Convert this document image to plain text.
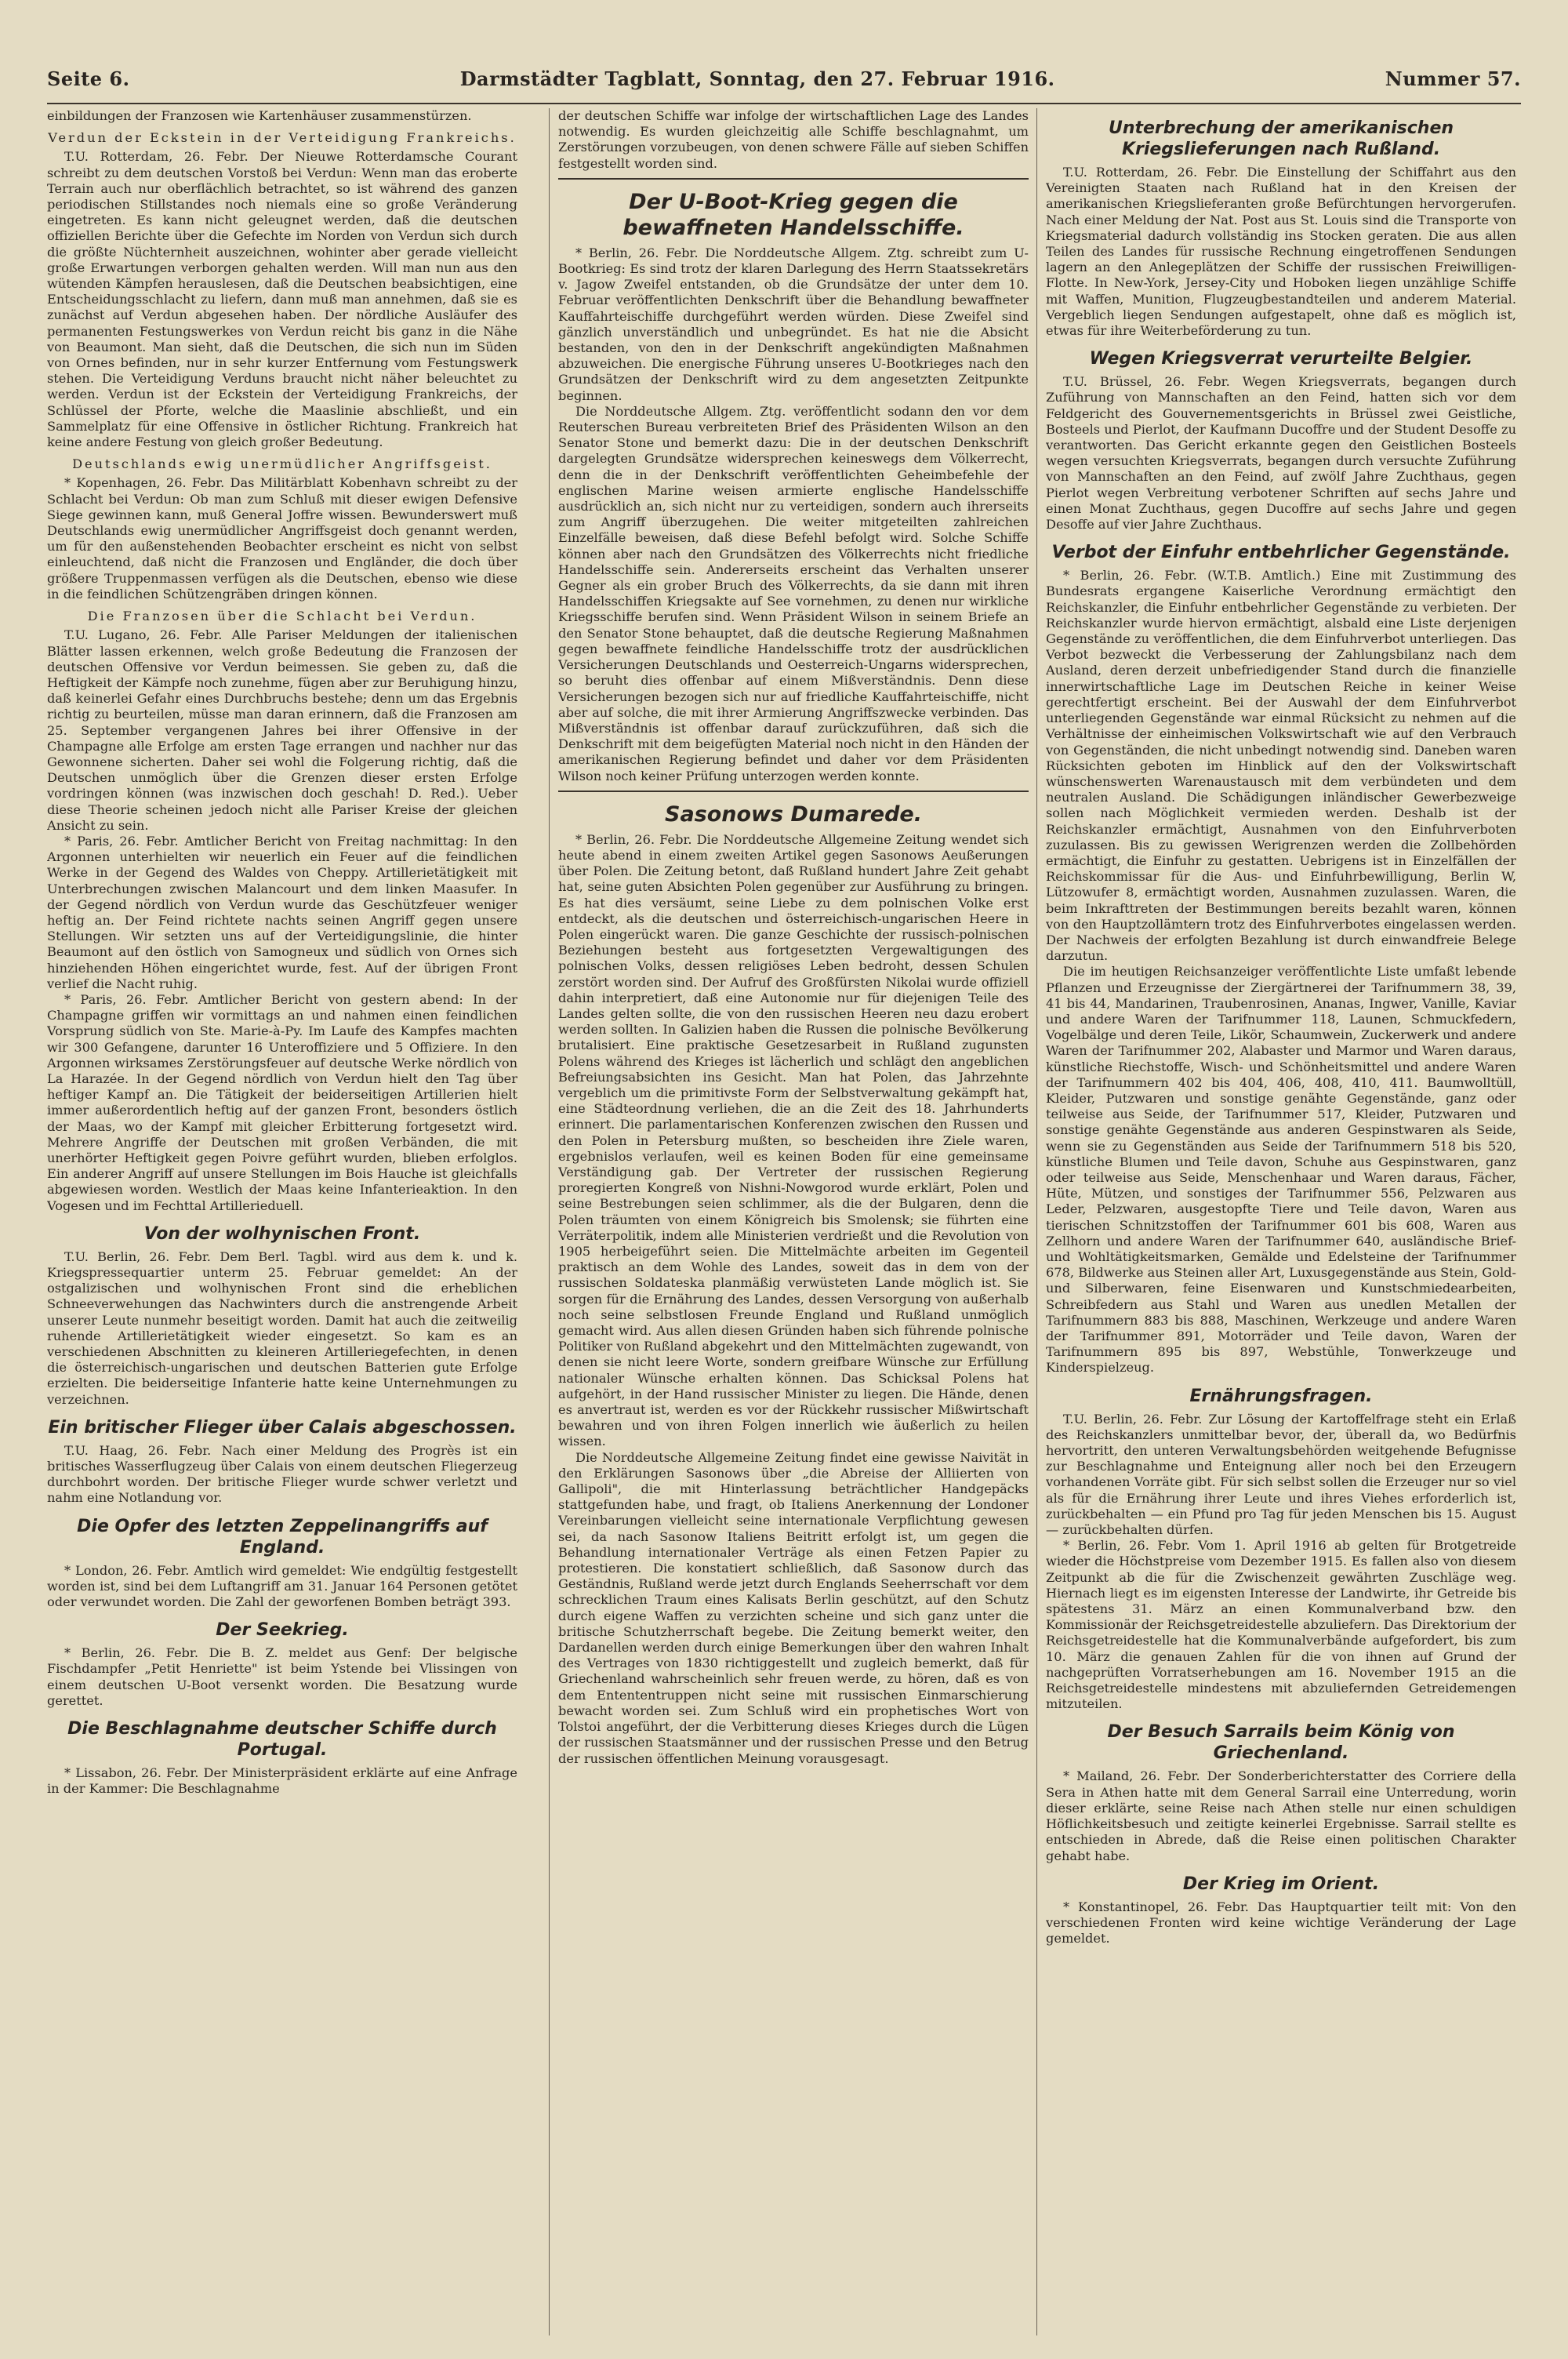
Seite 6.	Darmstädter Tagblatt, Sonntag, den 27. Februar 1916.	Nummer 57.

einbildungen der Franzosen wie Kartenhäuser zusammenstürzen.

Verdun der Eckstein in der Verteidigung Frankreichs.

T.U. Rotterdam, 26. Febr. Der Nieuwe Rotterdamsche Courant schreibt zu dem deutschen Vorstoß bei Verdun: Wenn man das eroberte Terrain auch nur oberflächlich betrachtet, so ist während des ganzen periodischen Stillstandes noch niemals eine so große Veränderung eingetreten. Es kann nicht geleugnet werden, daß die deutschen offiziellen Berichte über die Gefechte im Norden von Verdun sich durch die größte Nüchternheit auszeichnen, wohinter aber gerade vielleicht große Erwartungen verborgen gehalten werden. Will man nun aus den wütenden Kämpfen herauslesen, daß die Deutschen beabsichtigen, eine Entscheidungsschlacht zu liefern, dann muß man annehmen, daß sie es zunächst auf Verdun abgesehen haben. Der nördliche Ausläufer des permanenten Festungswerkes von Verdun reicht bis ganz in die Nähe von Beaumont. Man sieht, daß die Deutschen, die sich nun im Süden von Ornes befinden, nur in sehr kurzer Entfernung vom Festungswerk stehen. Die Verteidigung Verduns braucht nicht näher beleuchtet zu werden. Verdun ist der Eckstein der Verteidigung Frankreichs, der Schlüssel der Pforte, welche die Maaslinie abschließt, und ein Sammelplatz für eine Offensive in östlicher Richtung. Frankreich hat keine andere Festung von gleich großer Bedeutung.

Deutschlands ewig unermüdlicher Angriffsgeist.

* Kopenhagen, 26. Febr. Das Militärblatt Kobenhavn schreibt zu der Schlacht bei Verdun: Ob man zum Schluß mit dieser ewigen Defensive Siege gewinnen kann, muß General Joffre wissen. Bewunderswert muß Deutschlands ewig unermüdlicher Angriffsgeist doch genannt werden, um für den außenstehenden Beobachter erscheint es nicht von selbst einleuchtend, daß nicht die Franzosen und Engländer, die doch über größere Truppenmassen verfügen als die Deutschen, ebenso wie diese in die feindlichen Schützengräben dringen können.

Die Franzosen über die Schlacht bei Verdun.

T.U. Lugano, 26. Febr. Alle Pariser Meldungen der italienischen Blätter lassen erkennen, welch große Bedeutung die Franzosen der deutschen Offensive vor Verdun beimessen. Sie geben zu, daß die Heftigkeit der Kämpfe noch zunehme, fügen aber zur Beruhigung hinzu, daß keinerlei Gefahr eines Durchbruchs bestehe; denn um das Ergebnis richtig zu beurteilen, müsse man daran erinnern, daß die Franzosen am 25. September vergangenen Jahres bei ihrer Offensive in der Champagne alle Erfolge am ersten Tage errangen und nachher nur das Gewonnene sicherten. Daher sei wohl die Folgerung richtig, daß die Deutschen unmöglich über die Grenzen dieser ersten Erfolge vordringen können (was inzwischen doch geschah! D. Red.). Ueber diese Theorie scheinen jedoch nicht alle Pariser Kreise der gleichen Ansicht zu sein.

* Paris, 26. Febr. Amtlicher Bericht von Freitag nachmittag: In den Argonnen unterhielten wir neuerlich ein Feuer auf die feindlichen Werke in der Gegend des Waldes von Cheppy. Artillerietätigkeit mit Unterbrechungen zwischen Malancourt und dem linken Maasufer. In der Gegend nördlich von Verdun wurde das Geschützfeuer weniger heftig an. Der Feind richtete nachts seinen Angriff gegen unsere Stellungen. Wir setzten uns auf der Verteidigungslinie, die hinter Beaumont auf den östlich von Samogneux und südlich von Ornes sich hinziehenden Höhen eingerichtet wurde, fest. Auf der übrigen Front verlief die Nacht ruhig.

* Paris, 26. Febr. Amtlicher Bericht von gestern abend: In der Champagne griffen wir vormittags an und nahmen einen feindlichen Vorsprung südlich von Ste. Marie-à-Py. Im Laufe des Kampfes machten wir 300 Gefangene, darunter 16 Unteroffiziere und 5 Offiziere. In den Argonnen wirksames Zerstörungsfeuer auf deutsche Werke nördlich von La Harazée. In der Gegend nördlich von Verdun hielt den Tag über heftiger Kampf an. Die Tätigkeit der beiderseitigen Artillerien hielt immer außerordentlich heftig auf der ganzen Front, besonders östlich der Maas, wo der Kampf mit gleicher Erbitterung fortgesetzt wird. Mehrere Angriffe der Deutschen mit großen Verbänden, die mit unerhörter Heftigkeit gegen Poivre geführt wurden, blieben erfolglos. Ein anderer Angriff auf unsere Stellungen im Bois Hauche ist gleichfalls abgewiesen worden. Westlich der Maas keine Infanterieaktion. In den Vogesen und im Fechttal Artillerieduell.

Von der wolhynischen Front.

T.U. Berlin, 26. Febr. Dem Berl. Tagbl. wird aus dem k. und k. Kriegspressequartier unterm 25. Februar gemeldet: An der ostgalizischen und wolhynischen Front sind die erheblichen Schneeverwehungen das Nachwinters durch die anstrengende Arbeit unserer Leute nunmehr beseitigt worden. Damit hat auch die zeitweilig ruhende Artillerietätigkeit wieder eingesetzt. So kam es an verschiedenen Abschnitten zu kleineren Artilleriegefechten, in denen die österreichisch-ungarischen und deutschen Batterien gute Erfolge erzielten. Die beiderseitige Infanterie hatte keine Unternehmungen zu verzeichnen.

Ein britischer Flieger über Calais abgeschossen.

T.U. Haag, 26. Febr. Nach einer Meldung des Progrès ist ein britisches Wasserflugzeug über Calais von einem deutschen Fliegerzeug durchbohrt worden. Der britische Flieger wurde schwer verletzt und nahm eine Notlandung vor.

Die Opfer des letzten Zeppelinangriffs auf England.

* London, 26. Febr. Amtlich wird gemeldet: Wie endgültig festgestellt worden ist, sind bei dem Luftangriff am 31. Januar 164 Personen getötet oder verwundet worden. Die Zahl der geworfenen Bomben beträgt 393.

Der Seekrieg.

* Berlin, 26. Febr. Die B. Z. meldet aus Genf: Der belgische Fischdampfer „Petit Henriette" ist beim Ystende bei Vlissingen von einem deutschen U-Boot versenkt worden. Die Besatzung wurde gerettet.

Die Beschlagnahme deutscher Schiffe durch Portugal.

* Lissabon, 26. Febr. Der Ministerpräsident erklärte auf eine Anfrage in der Kammer: Die Beschlagnahme

der deutschen Schiffe war infolge der wirtschaftlichen Lage des Landes notwendig. Es wurden gleichzeitig alle Schiffe beschlagnahmt, um Zerstörungen vorzubeugen, von denen schwere Fälle auf sieben Schiffen festgestellt worden sind.

Der U-Boot-Krieg gegen die bewaffneten Handelsschiffe.

* Berlin, 26. Febr. Die Norddeutsche Allgem. Ztg. schreibt zum U-Bootkrieg: Es sind trotz der klaren Darlegung des Herrn Staatssekretärs v. Jagow Zweifel entstanden, ob die Grundsätze der unter dem 10. Februar veröffentlichten Denkschrift über die Behandlung bewaffneter Kauffahrteischiffe durchgeführt werden würden. Diese Zweifel sind gänzlich unverständlich und unbegründet. Es hat nie die Absicht bestanden, von den in der Denkschrift angekündigten Maßnahmen abzuweichen. Die energische Führung unseres U-Bootkrieges nach den Grundsätzen der Denkschrift wird zu dem angesetzten Zeitpunkte beginnen.

Die Norddeutsche Allgem. Ztg. veröffentlicht sodann den vor dem Reuterschen Bureau verbreiteten Brief des Präsidenten Wilson an den Senator Stone und bemerkt dazu: Die in der deutschen Denkschrift dargelegten Grundsätze widersprechen keineswegs dem Völkerrecht, denn die in der Denkschrift veröffentlichten Geheimbefehle der englischen Marine weisen armierte englische Handelsschiffe ausdrücklich an, sich nicht nur zu verteidigen, sondern auch ihrerseits zum Angriff überzugehen. Die weiter mitgeteilten zahlreichen Einzelfälle beweisen, daß diese Befehl befolgt wird. Solche Schiffe können aber nach den Grundsätzen des Völkerrechts nicht friedliche Handelsschiffe sein. Andererseits erscheint das Verhalten unserer Gegner als ein grober Bruch des Völkerrechts, da sie dann mit ihren Handelsschiffen Kriegsakte auf See vornehmen, zu denen nur wirkliche Kriegsschiffe berufen sind. Wenn Präsident Wilson in seinem Briefe an den Senator Stone behauptet, daß die deutsche Regierung Maßnahmen gegen bewaffnete feindliche Handelsschiffe trotz der ausdrücklichen Versicherungen Deutschlands und Oesterreich-Ungarns widersprechen, so beruht dies offenbar auf einem Mißverständnis. Denn diese Versicherungen bezogen sich nur auf friedliche Kauffahrteischiffe, nicht aber auf solche, die mit ihrer Armierung Angriffszwecke verbinden. Das Mißverständnis ist offenbar darauf zurückzuführen, daß sich die Denkschrift mit dem beigefügten Material noch nicht in den Händen der amerikanischen Regierung befindet und daher vor dem Präsidenten Wilson noch keiner Prüfung unterzogen werden konnte.

Sasonows Dumarede.

* Berlin, 26. Febr. Die Norddeutsche Allgemeine Zeitung wendet sich heute abend in einem zweiten Artikel gegen Sasonows Aeußerungen über Polen. Die Zeitung betont, daß Rußland hundert Jahre Zeit gehabt hat, seine guten Absichten Polen gegenüber zur Ausführung zu bringen. Es hat dies versäumt, seine Liebe zu dem polnischen Volke erst entdeckt, als die deutschen und österreichisch-ungarischen Heere in Polen eingerückt waren. Die ganze Geschichte der russisch-polnischen Beziehungen besteht aus fortgesetzten Vergewaltigungen des polnischen Volks, dessen religiöses Leben bedroht, dessen Schulen zerstört worden sind. Der Aufruf des Großfürsten Nikolai wurde offiziell dahin interpretiert, daß eine Autonomie nur für diejenigen Teile des Landes gelten sollte, die von den russischen Heeren neu dazu erobert werden sollten. In Galizien haben die Russen die polnische Bevölkerung brutalisiert. Eine praktische Gesetzesarbeit in Rußland zugunsten Polens während des Krieges ist lächerlich und schlägt den angeblichen Befreiungsabsichten ins Gesicht. Man hat Polen, das Jahrzehnte vergeblich um die primitivste Form der Selbstverwaltung gekämpft hat, eine Städteordnung verliehen, die an die Zeit des 18. Jahrhunderts erinnert. Die parlamentarischen Konferenzen zwischen den Russen und den Polen in Petersburg mußten, so bescheiden ihre Ziele waren, ergebnislos verlaufen, weil es keinen Boden für eine gemeinsame Verständigung gab. Der Vertreter der russischen Regierung proregierten Kongreß von Nishni-Nowgorod wurde erklärt, Polen und seine Bestrebungen seien schlimmer, als die der Bulgaren, denn die Polen träumten von einem Königreich bis Smolensk; sie führten eine Verräterpolitik, indem alle Ministerien verdrießt und die Revolution von 1905 herbeigeführt seien. Die Mittelmächte arbeiten im Gegenteil praktisch an dem Wohle des Landes, soweit das in dem von der russischen Soldateska planmäßig verwüsteten Lande möglich ist. Sie sorgen für die Ernährung des Landes, dessen Versorgung von außerhalb noch seine selbstlosen Freunde England und Rußland unmöglich gemacht wird. Aus allen diesen Gründen haben sich führende polnische Politiker von Rußland abgekehrt und den Mittelmächten zugewandt, von denen sie nicht leere Worte, sondern greifbare Wünsche zur Erfüllung nationaler Wünsche erhalten können. Das Schicksal Polens hat aufgehört, in der Hand russischer Minister zu liegen. Die Hände, denen es anvertraut ist, werden es vor der Rückkehr russischer Mißwirtschaft bewahren und von ihren Folgen innerlich wie äußerlich zu heilen wissen.

Die Norddeutsche Allgemeine Zeitung findet eine gewisse Naivität in den Erklärungen Sasonows über „die Abreise der Alliierten von Gallipoli", die mit Hinterlassung beträchtlicher Handgepäcks stattgefunden habe, und fragt, ob Italiens Anerkennung der Londoner Vereinbarungen vielleicht seine internationale Verpflichtung gewesen sei, da nach Sasonow Italiens Beitritt erfolgt ist, um gegen die Behandlung internationaler Verträge als einen Fetzen Papier zu protestieren. Die konstatiert schließlich, daß Sasonow durch das Geständnis, Rußland werde jetzt durch Englands Seeherrschaft vor dem schrecklichen Traum eines Kalisats Berlin geschützt, auf den Schutz durch eigene Waffen zu verzichten scheine und sich ganz unter die britische Schutzherrschaft begebe. Die Zeitung bemerkt weiter, den Dardanellen werden durch einige Bemerkungen über den wahren Inhalt des Vertrages von 1830 richtiggestellt und zugleich bemerkt, daß für Griechenland wahrscheinlich sehr freuen werde, zu hören, daß es von dem Entententruppen nicht seine mit russischen Einmarschierung bewacht worden sei. Zum Schluß wird ein prophetisches Wort von Tolstoi angeführt, der die Verbitterung dieses Krieges durch die Lügen der russischen Staatsmänner und der russischen Presse und den Betrug der russischen öffentlichen Meinung vorausgesagt.

Unterbrechung der amerikanischen Kriegslieferungen nach Rußland.

T.U. Rotterdam, 26. Febr. Die Einstellung der Schiffahrt aus den Vereinigten Staaten nach Rußland hat in den Kreisen der amerikanischen Kriegslieferanten große Befürchtungen hervorgerufen. Nach einer Meldung der Nat. Post aus St. Louis sind die Transporte von Kriegsmaterial dadurch vollständig ins Stocken geraten. Die aus allen Teilen des Landes für russische Rechnung eingetroffenen Sendungen lagern an den Anlegeplätzen der Schiffe der russischen Freiwilligen-Flotte. In New-York, Jersey-City und Hoboken liegen unzählige Schiffe mit Waffen, Munition, Flugzeugbestandteilen und anderem Material. Vergeblich liegen Sendungen aufgestapelt, ohne daß es möglich ist, etwas für ihre Weiterbeförderung zu tun.

Wegen Kriegsverrat verurteilte Belgier.

T.U. Brüssel, 26. Febr. Wegen Kriegsverrats, begangen durch Zuführung von Mannschaften an den Feind, hatten sich vor dem Feldgericht des Gouvernementsgerichts in Brüssel zwei Geistliche, Bosteels und Pierlot, der Kaufmann Ducoffre und der Student Desoffe zu verantworten. Das Gericht erkannte gegen den Geistlichen Bosteels wegen versuchten Kriegsverrats, begangen durch versuchte Zuführung von Mannschaften an den Feind, auf zwölf Jahre Zuchthaus, gegen Pierlot wegen Verbreitung verbotener Schriften auf sechs Jahre und einen Monat Zuchthaus, gegen Ducoffre auf sechs Jahre und gegen Desoffe auf vier Jahre Zuchthaus.

Verbot der Einfuhr entbehrlicher Gegenstände.

* Berlin, 26. Febr. (W.T.B. Amtlich.) Eine mit Zustimmung des Bundesrats ergangene Kaiserliche Verordnung ermächtigt den Reichskanzler, die Einfuhr entbehrlicher Gegenstände zu verbieten. Der Reichskanzler wurde hiervon ermächtigt, alsbald eine Liste derjenigen Gegenstände zu veröffentlichen, die dem Einfuhrverbot unterliegen. Das Verbot bezweckt die Verbesserung der Zahlungsbilanz nach dem Ausland, deren derzeit unbefriedigender Stand durch die finanzielle innerwirtschaftliche Lage im Deutschen Reiche in keiner Weise gerechtfertigt erscheint. Bei der Auswahl der dem Einfuhrverbot unterliegenden Gegenstände war einmal Rücksicht zu nehmen auf die Verhältnisse der einheimischen Volkswirtschaft wie auf den Verbrauch von Gegenständen, die nicht unbedingt notwendig sind. Daneben waren Rücksichten geboten im Hinblick auf den der Volkswirtschaft wünschenswerten Warenaustausch mit dem verbündeten und dem neutralen Ausland. Die Schädigungen inländischer Gewerbezweige sollen nach Möglichkeit vermieden werden. Deshalb ist der Reichskanzler ermächtigt, Ausnahmen von den Einfuhrverboten zuzulassen. Bis zu gewissen Werigrenzen werden die Zollbehörden ermächtigt, die Einfuhr zu gestatten. Uebrigens ist in Einzelfällen der Reichskommissar für die Aus- und Einfuhrbewilligung, Berlin W, Lützowufer 8, ermächtigt worden, Ausnahmen zuzulassen. Waren, die beim Inkrafttreten der Bestimmungen bereits bezahlt waren, können von den Hauptzollämtern trotz des Einfuhrverbotes eingelassen werden. Der Nachweis der erfolgten Bezahlung ist durch einwandfreie Belege darzutun.

Die im heutigen Reichsanzeiger veröffentlichte Liste umfaßt lebende Pflanzen und Erzeugnisse der Ziergärtnerei der Tarifnummern 38, 39, 41 bis 44, Mandarinen, Traubenrosinen, Ananas, Ingwer, Vanille, Kaviar und andere Waren der Tarifnummer 118, Launen, Schmuckfedern, Vogelbälge und deren Teile, Likör, Schaumwein, Zuckerwerk und andere Waren der Tarifnummer 202, Alabaster und Marmor und Waren daraus, künstliche Riechstoffe, Wisch- und Schönheitsmittel und andere Waren der Tarifnummern 402 bis 404, 406, 408, 410, 411. Baumwolltüll, Kleider, Putzwaren und sonstige genähte Gegenstände, ganz oder teilweise aus Seide, der Tarifnummer 517, Kleider, Putzwaren und sonstige genähte Gegenstände aus anderen Gespinstwaren als Seide, wenn sie zu Gegenständen aus Seide der Tarifnummern 518 bis 520, künstliche Blumen und Teile davon, Schuhe aus Gespinstwaren, ganz oder teilweise aus Seide, Menschenhaar und Waren daraus, Fächer, Hüte, Mützen, und sonstiges der Tarifnummer 556, Pelzwaren aus Leder, Pelzwaren, ausgestopfte Tiere und Teile davon, Waren aus tierischen Schnitzstoffen der Tarifnummer 601 bis 608, Waren aus Zellhorn und andere Waren der Tarifnummer 640, ausländische Brief- und Wohltätigkeitsmarken, Gemälde und Edelsteine der Tarifnummer 678, Bildwerke aus Steinen aller Art, Luxusgegenstände aus Stein, Gold- und Silberwaren, feine Eisenwaren und Kunstschmiedearbeiten, Schreibfedern aus Stahl und Waren aus unedlen Metallen der Tarifnummern 883 bis 888, Maschinen, Werkzeuge und andere Waren der Tarifnummer 891, Motorräder und Teile davon, Waren der Tarifnummern 895 bis 897, Webstühle, Tonwerkzeuge und Kinderspielzeug.

Ernährungsfragen.

T.U. Berlin, 26. Febr. Zur Lösung der Kartoffelfrage steht ein Erlaß des Reichskanzlers unmittelbar bevor, der, überall da, wo Bedürfnis hervortritt, den unteren Verwaltungsbehörden weitgehende Befugnisse zur Beschlagnahme und Enteignung aller noch bei den Erzeugern vorhandenen Vorräte gibt. Für sich selbst sollen die Erzeuger nur so viel als für die Ernährung ihrer Leute und ihres Viehes erforderlich ist, zurückbehalten — ein Pfund pro Tag für jeden Menschen bis 15. August — zurückbehalten dürfen.

* Berlin, 26. Febr. Vom 1. April 1916 ab gelten für Brotgetreide wieder die Höchstpreise vom Dezember 1915. Es fallen also von diesem Zeitpunkt ab die für die Zwischenzeit gewährten Zuschläge weg. Hiernach liegt es im eigensten Interesse der Landwirte, ihr Getreide bis spätestens 31. März an einen Kommunalverband bzw. den Kommissionär der Reichsgetreidestelle abzuliefern. Das Direktorium der Reichsgetreidestelle hat die Kommunalverbände aufgefordert, bis zum 10. März die genauen Zahlen für die von ihnen auf Grund der nachgeprüften Vorratserhebungen am 16. November 1915 an die Reichsgetreidestelle mindestens mit abzuliefernden Getreidemengen mitzuteilen.

Der Besuch Sarrails beim König von Griechenland.

* Mailand, 26. Febr. Der Sonderberichterstatter des Corriere della Sera in Athen hatte mit dem General Sarrail eine Unterredung, worin dieser erklärte, seine Reise nach Athen stelle nur einen schuldigen Höflichkeitsbesuch und zeitigte keinerlei Ergebnisse. Sarrail stellte es entschieden in Abrede, daß die Reise einen politischen Charakter gehabt habe.

Der Krieg im Orient.

* Konstantinopel, 26. Febr. Das Hauptquartier teilt mit: Von den verschiedenen Fronten wird keine wichtige Veränderung der Lage gemeldet.
